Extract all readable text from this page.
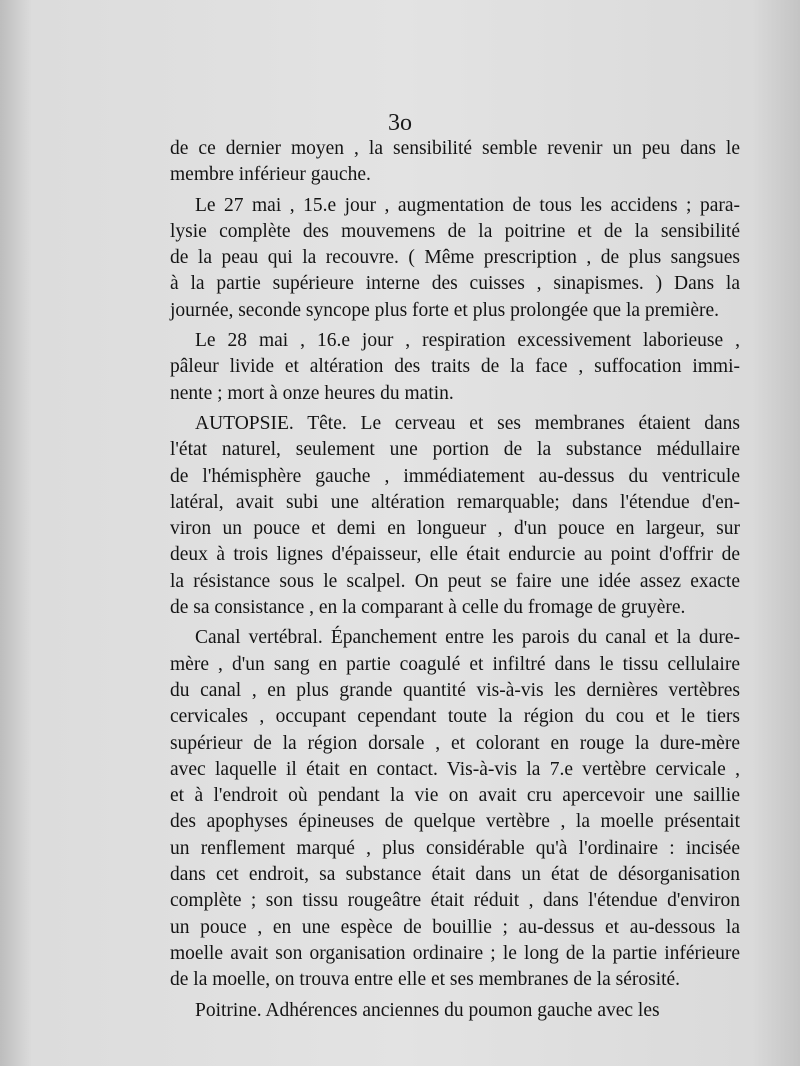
3o
de ce dernier moyen , la sensibilité semble revenir un peu dans le
membre inférieur gauche.
Le 27 mai , 15.e jour , augmentation de tous les accidens ; para-
lysie complète des mouvemens de la poitrine et de la sensibilité
de la peau qui la recouvre. ( Même prescription , de plus sangsues
à la partie supérieure interne des cuisses , sinapismes. ) Dans la
journée, seconde syncope plus forte et plus prolongée que la première.
Le 28 mai , 16.e jour , respiration excessivement laborieuse ,
pâleur livide et altération des traits de la face , suffocation immi-
nente ; mort à onze heures du matin.
AUTOPSIE. Tête. Le cerveau et ses membranes étaient dans
l'état naturel, seulement une portion de la substance médullaire
de l'hémisphère gauche , immédiatement au-dessus du ventricule
latéral, avait subi une altération remarquable; dans l'étendue d'en-
viron un pouce et demi en longueur , d'un pouce en largeur, sur
deux à trois lignes d'épaisseur, elle était endurcie au point d'offrir de
la résistance sous le scalpel. On peut se faire une idée assez exacte
de sa consistance , en la comparant à celle du fromage de gruyère.
Canal vertébral. Épanchement entre les parois du canal et la dure-
mère , d'un sang en partie coagulé et infiltré dans le tissu cellulaire
du canal , en plus grande quantité vis-à-vis les dernières vertèbres
cervicales , occupant cependant toute la région du cou et le tiers
supérieur de la région dorsale , et colorant en rouge la dure-mère
avec laquelle il était en contact. Vis-à-vis la 7.e vertèbre cervicale ,
et à l'endroit où pendant la vie on avait cru apercevoir une saillie
des apophyses épineuses de quelque vertèbre , la moelle présentait
un renflement marqué , plus considérable qu'à l'ordinaire : incisée
dans cet endroit, sa substance était dans un état de désorganisation
complète ; son tissu rougeâtre était réduit , dans l'étendue d'environ
un pouce , en une espèce de bouillie ; au-dessus et au-dessous la
moelle avait son organisation ordinaire ; le long de la partie inférieure
de la moelle, on trouva entre elle et ses membranes de la sérosité.
Poitrine. Adhérences anciennes du poumon gauche avec les
